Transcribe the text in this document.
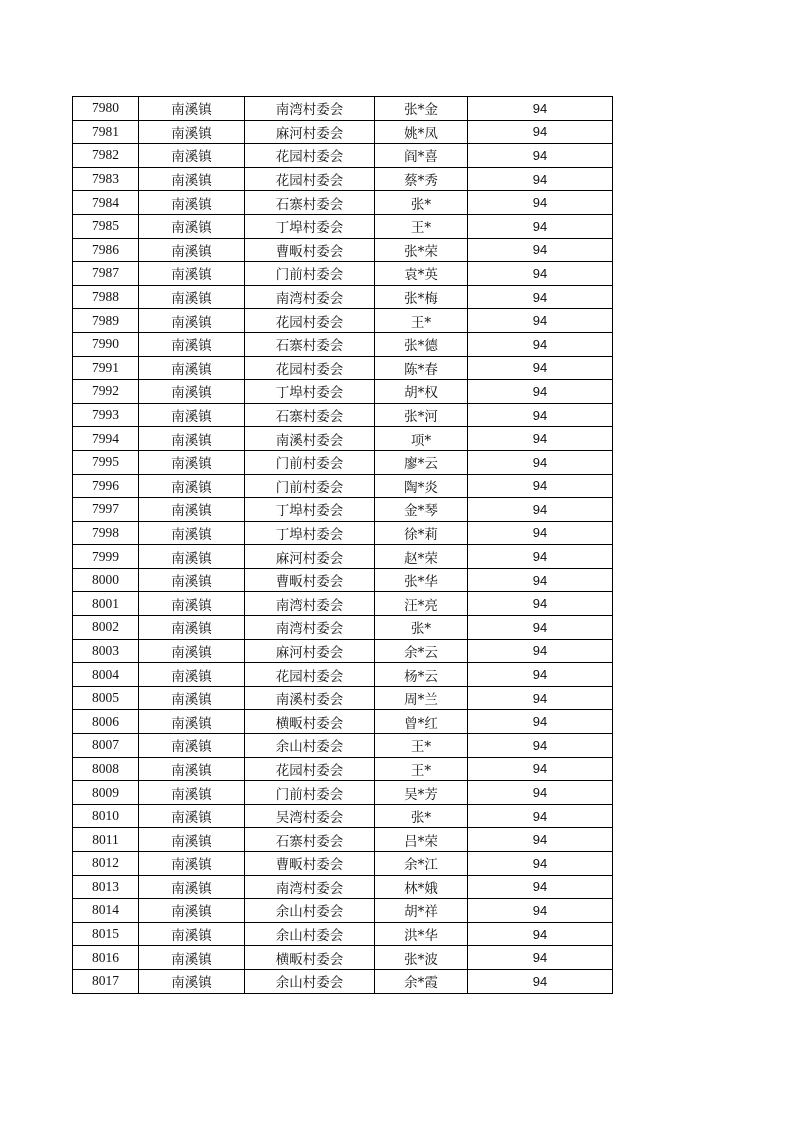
7980	南溪镇	南湾村委会	张*金	94
7981	南溪镇	麻河村委会	姚*凤	94
7982	南溪镇	花园村委会	阎*喜	94
7983	南溪镇	花园村委会	蔡*秀	94
7984	南溪镇	石寨村委会	张*	94
7985	南溪镇	丁埠村委会	王*	94
7986	南溪镇	曹畈村委会	张*荣	94
7987	南溪镇	门前村委会	袁*英	94
7988	南溪镇	南湾村委会	张*梅	94
7989	南溪镇	花园村委会	王*	94
7990	南溪镇	石寨村委会	张*德	94
7991	南溪镇	花园村委会	陈*春	94
7992	南溪镇	丁埠村委会	胡*权	94
7993	南溪镇	石寨村委会	张*河	94
7994	南溪镇	南溪村委会	项*	94
7995	南溪镇	门前村委会	廖*云	94
7996	南溪镇	门前村委会	陶*炎	94
7997	南溪镇	丁埠村委会	金*琴	94
7998	南溪镇	丁埠村委会	徐*莉	94
7999	南溪镇	麻河村委会	赵*荣	94
8000	南溪镇	曹畈村委会	张*华	94
8001	南溪镇	南湾村委会	汪*亮	94
8002	南溪镇	南湾村委会	张*	94
8003	南溪镇	麻河村委会	余*云	94
8004	南溪镇	花园村委会	杨*云	94
8005	南溪镇	南溪村委会	周*兰	94
8006	南溪镇	横畈村委会	曾*红	94
8007	南溪镇	余山村委会	王*	94
8008	南溪镇	花园村委会	王*	94
8009	南溪镇	门前村委会	吴*芳	94
8010	南溪镇	吴湾村委会	张*	94
8011	南溪镇	石寨村委会	吕*荣	94
8012	南溪镇	曹畈村委会	余*江	94
8013	南溪镇	南湾村委会	林*娥	94
8014	南溪镇	余山村委会	胡*祥	94
8015	南溪镇	余山村委会	洪*华	94
8016	南溪镇	横畈村委会	张*波	94
8017	南溪镇	余山村委会	余*霞	94
